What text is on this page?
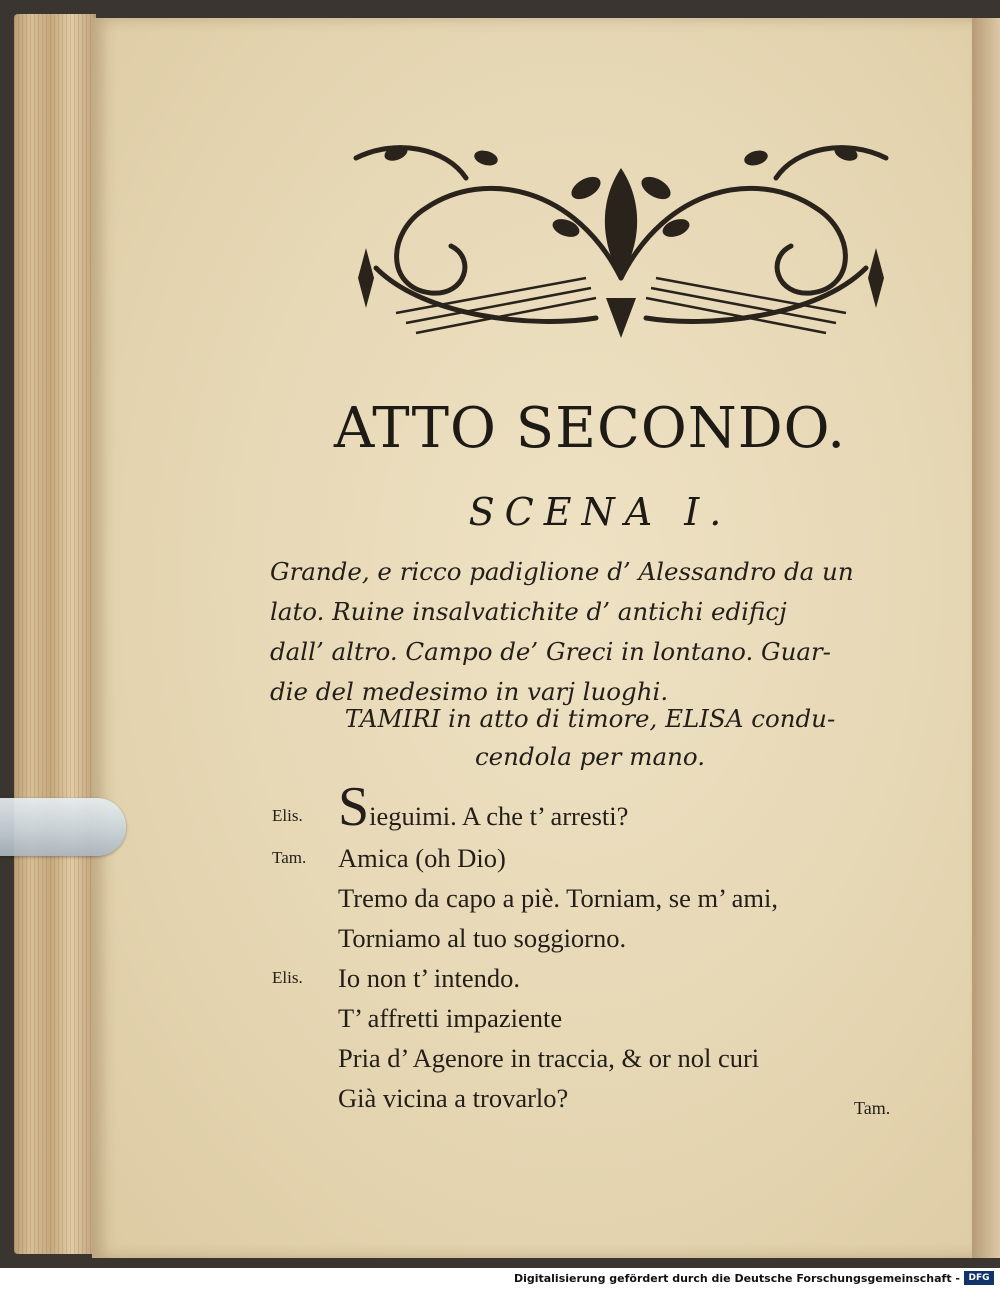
ATTO SECONDO.
SCENA I.
Grande, e ricco padiglione d’ Alessandro da un
lato. Ruine insalvatichite d’ antichi edificj
dall’ altro. Campo de’ Greci in lontano. Guar-
die del medesimo in varj luoghi.
TAMIRI in atto di timore, ELISA condu-
cendola per mano.
Elis. Sieguimi. A che t’ arresti?
Tam. Amica (oh Dio)
Tremo da capo a piè. Torniam, se m’ ami,
Torniamo al tuo soggiorno.
Elis. Io non t’ intendo.
T’ affretti impaziente
Pria d’ Agenore in traccia, & or nol curi
Già vicina a trovarlo?	Tam.
Digitalisierung gefördert durch die Deutsche Forschungsgemeinschaft - DFG
